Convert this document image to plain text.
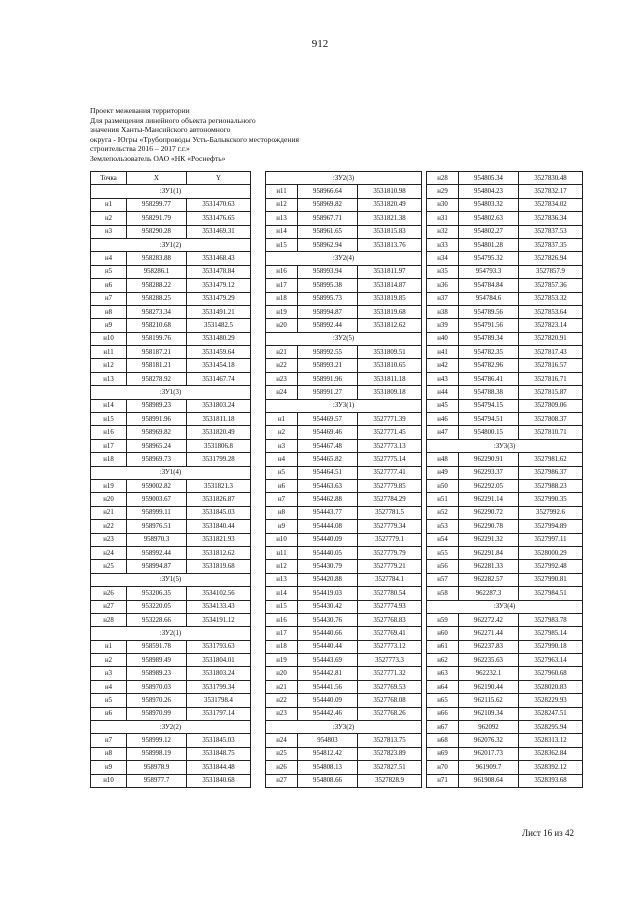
912
Проект межевания территории
Для размещения линейного объекта регионального
значения Ханты-Мансийского автономного
округа - Югры «Трубопроводы Усть-Балыкского месторождения
строительства 2016 – 2017 г.г.»
Землепользователь ОАО «НК «Роснефть»
Точка	X	Y
:ЗУ1(1)		
н1	958299.77	3531470.63
н2	958291.79	3531476.65
н3	958290.28	3531469.31
:ЗУ1(2)		
н4	958283.88	3531468.43
н5	958286.1	3531478.84
н6	958288.22	3531479.12
н7	958288.25	3531479.29
н8	958273.34	3531491.21
н9	958210.68	3531482.5
н10	958199.76	3531480.29
н11	958187.21	3531459.64
н12	958181.21	3531454.18
н13	958278.92	3531467.74
:ЗУ1(3)		
н14	958989.23	3531803.24
н15	958991.96	3531811.18
н16	958969.82	3531820.49
н17	958965.24	3531806.8
н18	958969.73	3531799.28
:ЗУ1(4)		
н19	959002.82	3531821.3
н20	959003.67	3531826.87
н21	958999.11	3531845.03
н22	958976.51	3531840.44
н23	958970.3	3531821.93
н24	958992.44	3531812.62
н25	958994.87	3531819.68
:ЗУ1(5)		
н26	953206.35	3534102.56
н27	953220.05	3534133.43
н28	953228.66	3534191.12
:ЗУ2(1)		
н1	958591.78	3531793.63
н2	958989.49	3531804.01
н3	958989.23	3531803.24
н4	958970.03	3531799.34
н5	958970.26	3531798.4
н6	958970.99	3531797.14
:ЗУ2(2)		
н7	958999.12	3531845.03
н8	958998.19	3531848.75
н9	958978.9	3531844.48
н10	958977.7	3531840.68
:ЗУ2(3)		
н11	958966.64	3531810.98
н12	958969.82	3531820.49
н13	958967.71	3531821.38
н14	958961.65	3531815.83
н15	958962.94	3531813.76
:ЗУ2(4)		
н16	958993.94	3531811.97
н17	958995.38	3531814.87
н18	958995.73	3531819.85
н19	958994.87	3531819.68
н20	958992.44	3531812.62
:ЗУ2(5)		
н21	958992.55	3531809.51
н22	958993.21	3531810.65
н23	958991.96	3531811.18
н24	958991.27	3531809.18
:ЗУ3(1)		
н1	954469.57	3527771.39
н2	954469.46	3527771.45
н3	954467.48	3527773.13
н4	954465.82	3527775.14
н5	954464.51	3527777.41
н6	954463.63	3527779.85
н7	954462.88	3527784.29
н8	954443.77	3527781.5
н9	954444.08	3527779.34
н10	954440.09	3527779.1
н11	954440.05	3527779.79
н12	954430.79	3527779.21
н13	954420.88	3527784.1
н14	954419.03	3527780.54
н15	954430.42	3527774.93
н16	954430.76	3527768.83
н17	954440.66	3527769.41
н18	954440.44	3527773.12
н19	954443.69	3527773.3
н20	954442.81	3527771.32
н21	954441.56	3527769.53
н22	954440.09	3527768.08
н23	954442.46	3527768.26
:ЗУ3(2)		
н24	954803	3527813.75
н25	954812.42	3527823.89
н26	954808.13	3527827.51
н27	954808.66	3527828.9
н28	954805.34	3527830.48
н29	954804.23	3527832.17
н30	954803.32	3527834.02
н31	954802.63	3527836.34
н32	954802.27	3527837.53
н33	954801.28	3527837.35
н34	954795.32	3527826.94
н35	954793.3	3527857.9
н36	954784.84	3527857.36
н37	954784.6	3527853.32
н38	954789.56	3527853.64
н39	954791.56	3527823.14
н40	954789.34	3527820.91
н41	954782.35	3527817.43
н42	954782.96	3527816.57
н43	954786.41	3527816.71
н44	954788.38	3527815.87
н45	954794.15	3527809.06
н46	954794.51	3527808.37
н47	954800.15	3527810.71
:ЗУ3(3)		
н48	962290.91	3527981.62
н49	962293.37	3527986.37
н50	962292.05	3527988.23
н51	962291.14	3527990.35
н52	962290.72	3527992.6
н53	962290.78	3527994.89
н54	962291.32	3527997.11
н55	962291.84	3528000.29
н56	962281.33	3527992.48
н57	962282.57	3527990.81
н58	962287.3	3527984.51
:ЗУ3(4)		
н59	962272.42	3527983.78
н60	962271.44	3527985.14
н61	962237.83	3527990.18
н62	962235.63	3527963.14
н63	962232.1	3527960.68
н64	962190.44	3528020.83
н65	962115.62	3528229.93
н66	962109.34	3528247.51
н67	962092	3528295.94
н68	962076.32	3528313.12
н69	962017.73	3528362.84
н70	961909.7	3528392.12
н71	961908.64	3528393.68
Лист 16 из 42
